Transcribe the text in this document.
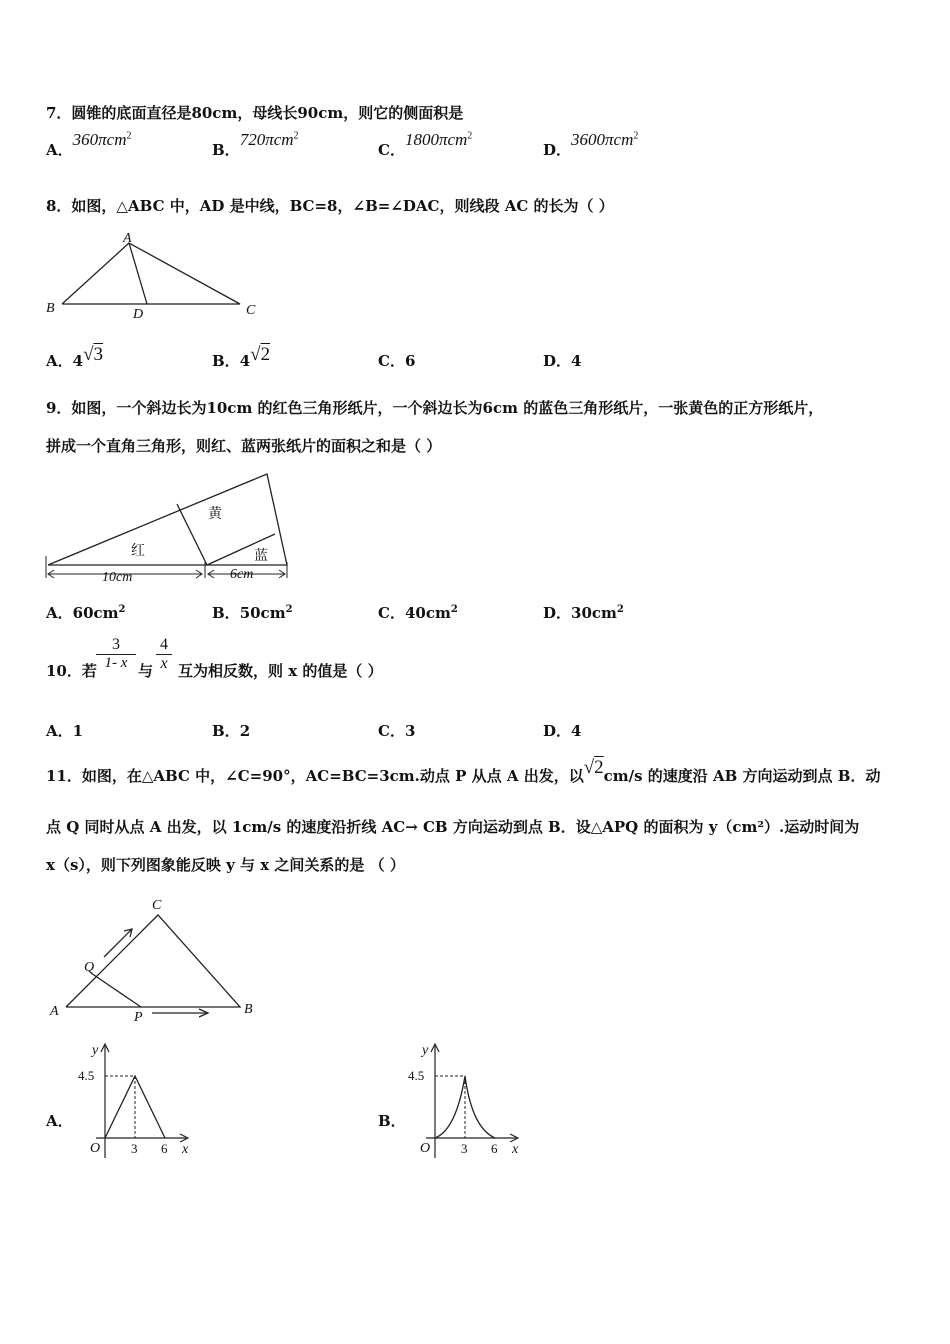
7．圆锥的底面直径是80cm，母线长90cm，则它的侧面积是
A．360πcm$^2$
B．720πcm$^2$
C．1800πcm$^2$
D．3600πcm$^2$
8．如图，△ABC 中，AD 是中线，BC=8，∠B=∠DAC，则线段 AC 的长为（ ）
A
B	C
D
A．4√3	B．4√2	C．6	D．4
9．如图，一个斜边长为10cm 的红色三角形纸片，一个斜边长为6cm 的蓝色三角形纸片，一张黄色的正方形纸片，
拼成一个直角三角形，则红、蓝两张纸片的面积之和是（ ）
红
黄
蓝
10cm	6cm
A．$60cm^2$	B．$50cm^2$	C．$40cm^2$	D．$30cm^2$
10．若 $\frac{3}{1- x}$ 与 $\frac{4}{x}$ 互为相反数，则 x 的值是（ ）
A．1	B．2	C．3	D．4
11．如图，在△ABC 中，∠C=90°，AC=BC=3cm.动点 P 从点 A 出发，以√2cm/s 的速度沿 AB 方向运动到点 B．动
点 Q 同时从点 A 出发，以 1cm/s 的速度沿折线 AC→ CB 方向运动到点 B．设△APQ 的面积为 y（cm²）.运动时间为
x（s），则下列图象能反映 y 与 x 之间关系的是 （ ）
C
Q
A	P
B
A．
y
x
O
4.5
3 6
B．
y
x
O
4.5
3 6
